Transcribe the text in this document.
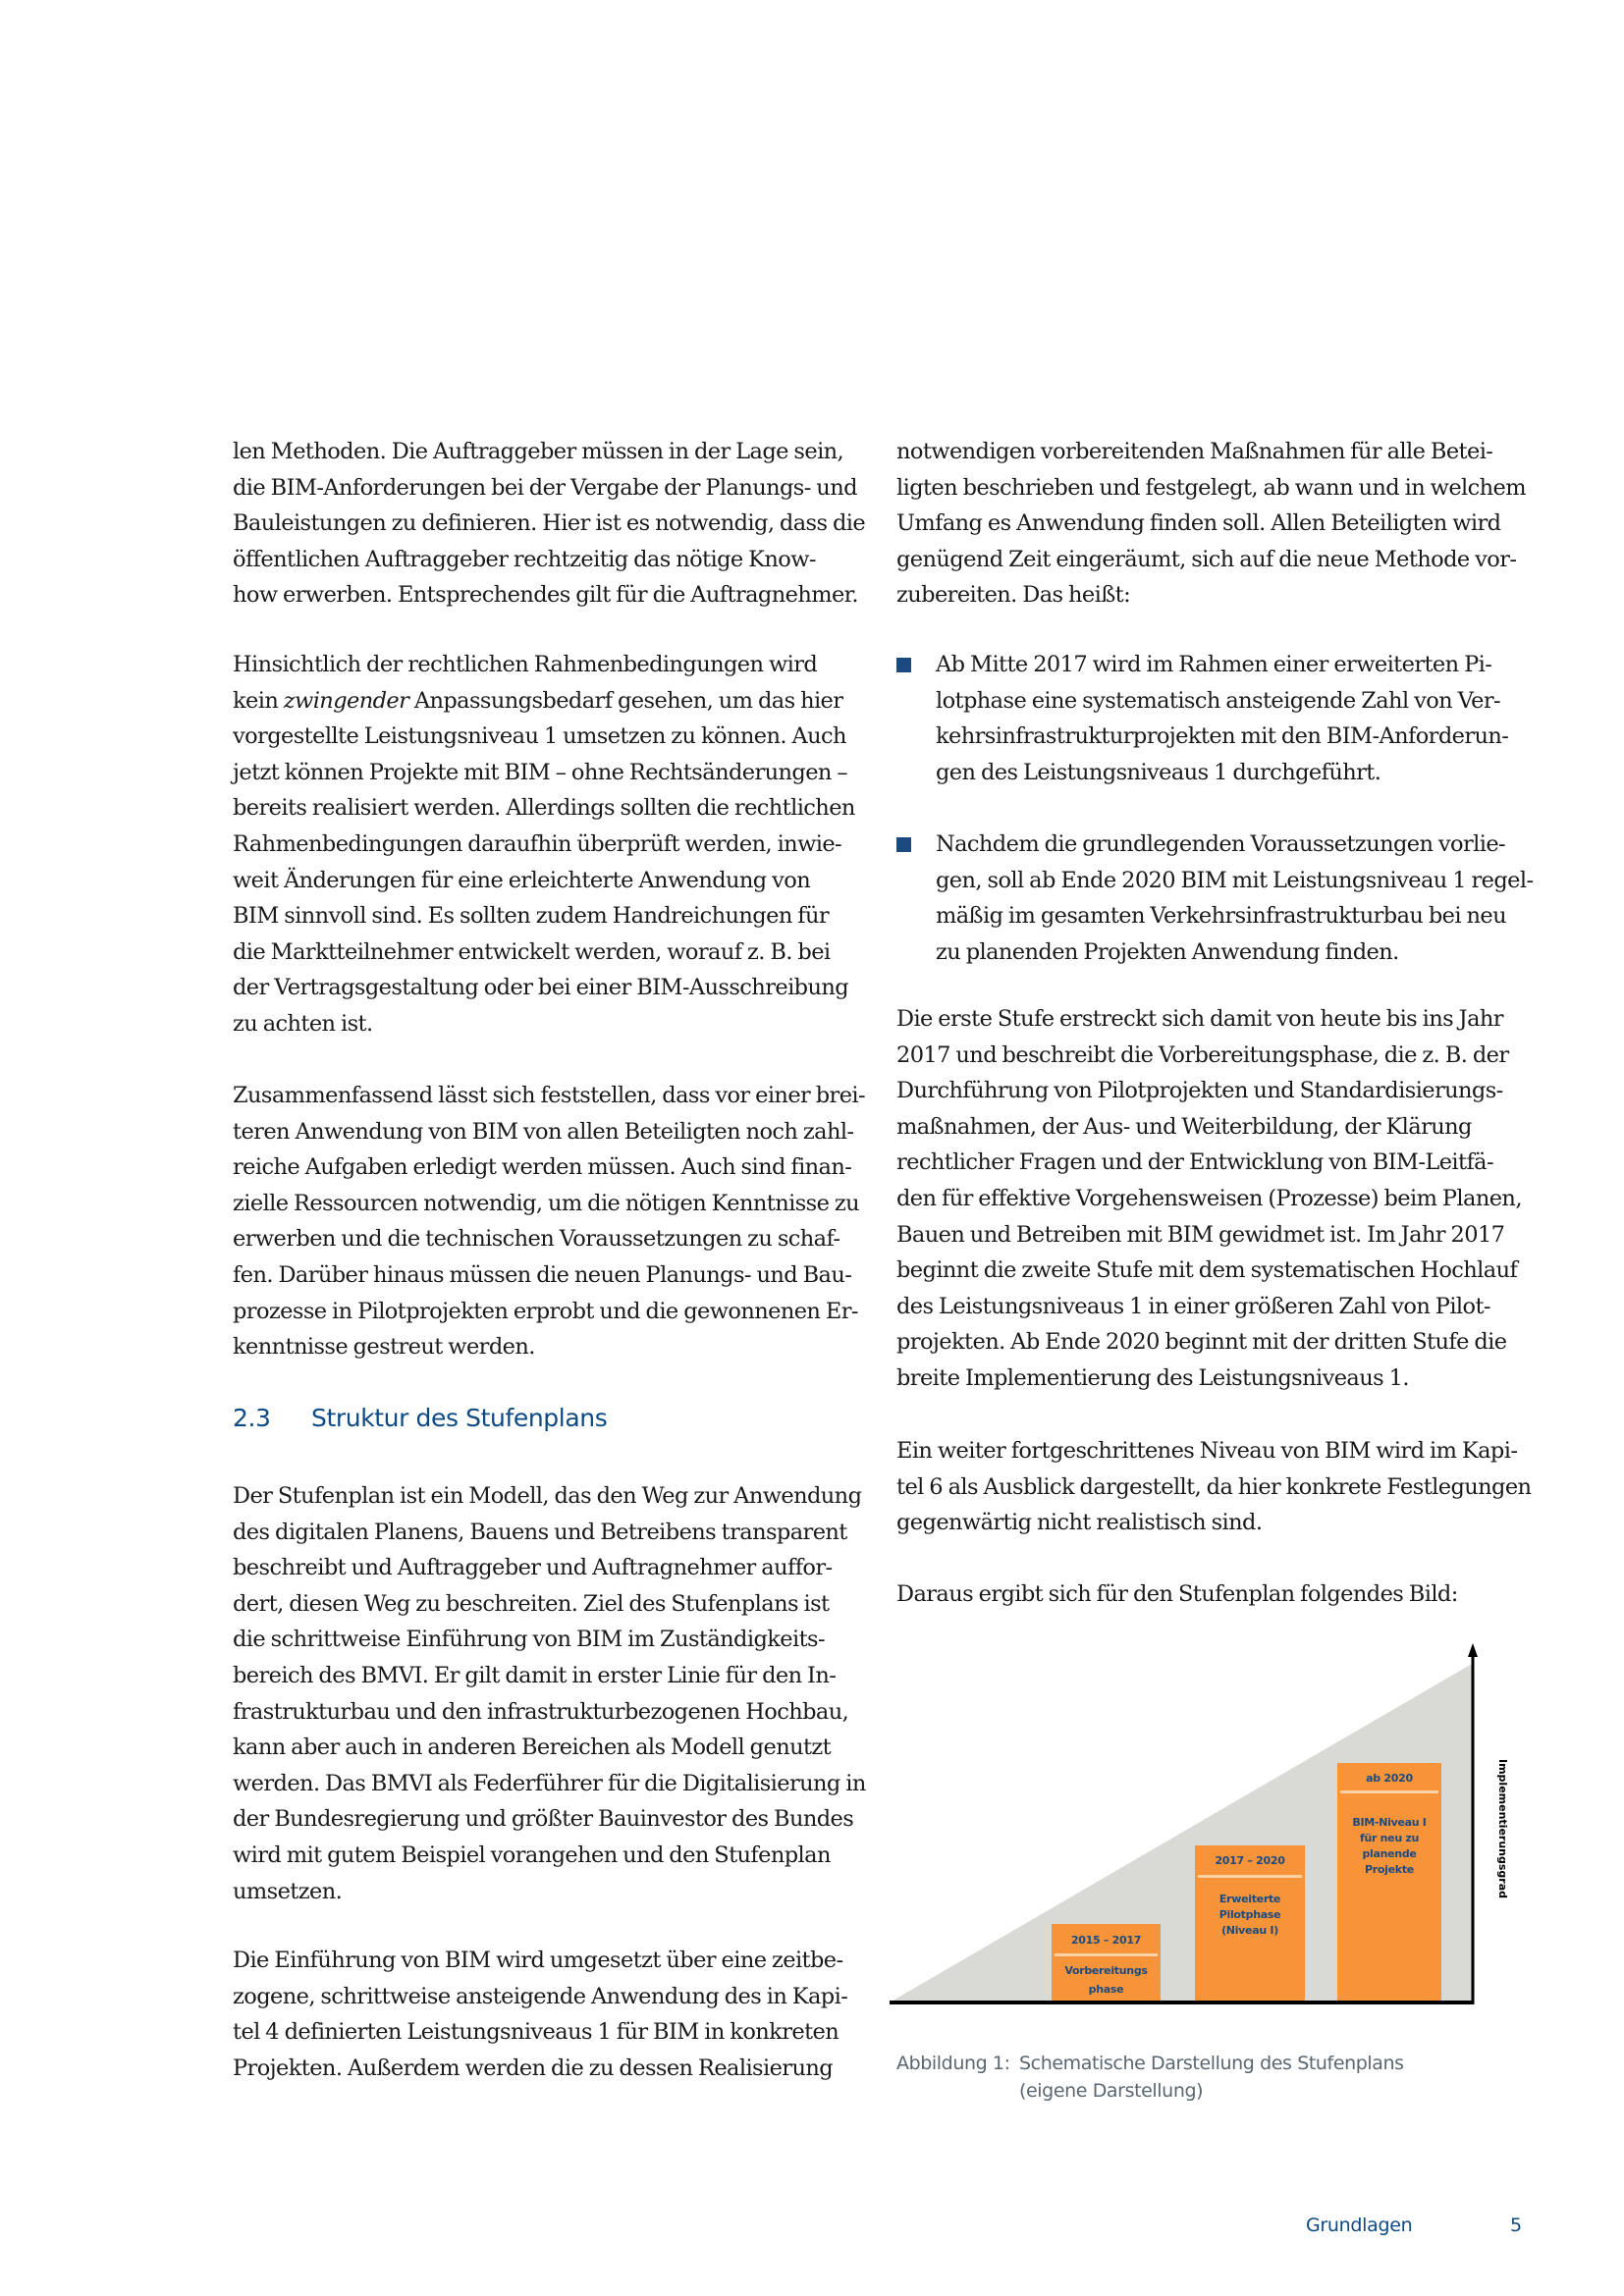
len Methoden. Die Auftraggeber müssen in der Lage sein,
die BIM-Anforderungen bei der Vergabe der Planungs- und
Bauleistungen zu definieren. Hier ist es notwendig, dass die
öffentlichen Auftraggeber rechtzeitig das nötige Know-
how erwerben. Entsprechendes gilt für die Auftragnehmer.
Hinsichtlich der rechtlichen Rahmenbedingungen wird
kein zwingender Anpassungsbedarf gesehen, um das hier
vorgestellte Leistungsniveau 1 umsetzen zu können. Auch
jetzt können Projekte mit BIM – ohne Rechtsänderungen –
bereits realisiert werden. Allerdings sollten die rechtlichen
Rahmenbedingungen daraufhin überprüft werden, inwie-
weit Änderungen für eine erleichterte Anwendung von
BIM sinnvoll sind. Es sollten zudem Handreichungen für
die Marktteilnehmer entwickelt werden, worauf z. B. bei
der Vertragsgestaltung oder bei einer BIM-Ausschreibung
zu achten ist.
Zusammenfassend lässt sich feststellen, dass vor einer brei-
teren Anwendung von BIM von allen Beteiligten noch zahl-
reiche Aufgaben erledigt werden müssen. Auch sind finan-
zielle Ressourcen notwendig, um die nötigen Kenntnisse zu
erwerben und die technischen Voraussetzungen zu schaf-
fen. Darüber hinaus müssen die neuen Planungs- und Bau-
prozesse in Pilotprojekten erprobt und die gewonnenen Er-
kenntnisse gestreut werden.
2.3 Struktur des Stufenplans
Der Stufenplan ist ein Modell, das den Weg zur Anwendung
des digitalen Planens, Bauens und Betreibens transparent
beschreibt und Auftraggeber und Auftragnehmer auffor-
dert, diesen Weg zu beschreiten. Ziel des Stufenplans ist
die schrittweise Einführung von BIM im Zuständigkeits-
bereich des BMVI. Er gilt damit in erster Linie für den In-
frastrukturbau und den infrastrukturbezogenen Hochbau,
kann aber auch in anderen Bereichen als Modell genutzt
werden. Das BMVI als Federführer für die Digitalisierung in
der Bundesregierung und größter Bauinvestor des Bundes
wird mit gutem Beispiel vorangehen und den Stufenplan
umsetzen.
Die Einführung von BIM wird umgesetzt über eine zeitbe-
zogene, schrittweise ansteigende Anwendung des in Kapi-
tel 4 definierten Leistungsniveaus 1 für BIM in konkreten
Projekten. Außerdem werden die zu dessen Realisierung
notwendigen vorbereitenden Maßnahmen für alle Betei-
ligten beschrieben und festgelegt, ab wann und in welchem
Umfang es Anwendung finden soll. Allen Beteiligten wird
genügend Zeit eingeräumt, sich auf die neue Methode vor-
zubereiten. Das heißt:
Ab Mitte 2017 wird im Rahmen einer erweiterten Pi-
lotphase eine systematisch ansteigende Zahl von Ver-
kehrsinfrastrukturprojekten mit den BIM-Anforderun-
gen des Leistungsniveaus 1 durchgeführt.
Nachdem die grundlegenden Voraussetzungen vorlie-
gen, soll ab Ende 2020 BIM mit Leistungsniveau 1 regel-
mäßig im gesamten Verkehrsinfrastrukturbau bei neu
zu planenden Projekten Anwendung finden.
Die erste Stufe erstreckt sich damit von heute bis ins Jahr
2017 und beschreibt die Vorbereitungsphase, die z. B. der
Durchführung von Pilotprojekten und Standardisierungs-
maßnahmen, der Aus- und Weiterbildung, der Klärung
rechtlicher Fragen und der Entwicklung von BIM-Leitfä-
den für effektive Vorgehensweisen (Prozesse) beim Planen,
Bauen und Betreiben mit BIM gewidmet ist. Im Jahr 2017
beginnt die zweite Stufe mit dem systematischen Hochlauf
des Leistungsniveaus 1 in einer größeren Zahl von Pilot-
projekten. Ab Ende 2020 beginnt mit der dritten Stufe die
breite Implementierung des Leistungsniveaus 1.
Ein weiter fortgeschrittenes Niveau von BIM wird im Kapi-
tel 6 als Ausblick dargestellt, da hier konkrete Festlegungen
gegenwärtig nicht realistisch sind.
Daraus ergibt sich für den Stufenplan folgendes Bild:
2015 – 2017
Vorbereitungs
phase
2017 – 2020
Erweiterte
Pilotphase
(Niveau I)
ab 2020
BIM-Niveau I
für neu zu
planende
Projekte	Implementierungsgrad
Abbildung 1: Schematische Darstellung des Stufenplans
(eigene Darstellung)
Grundlagen	5
